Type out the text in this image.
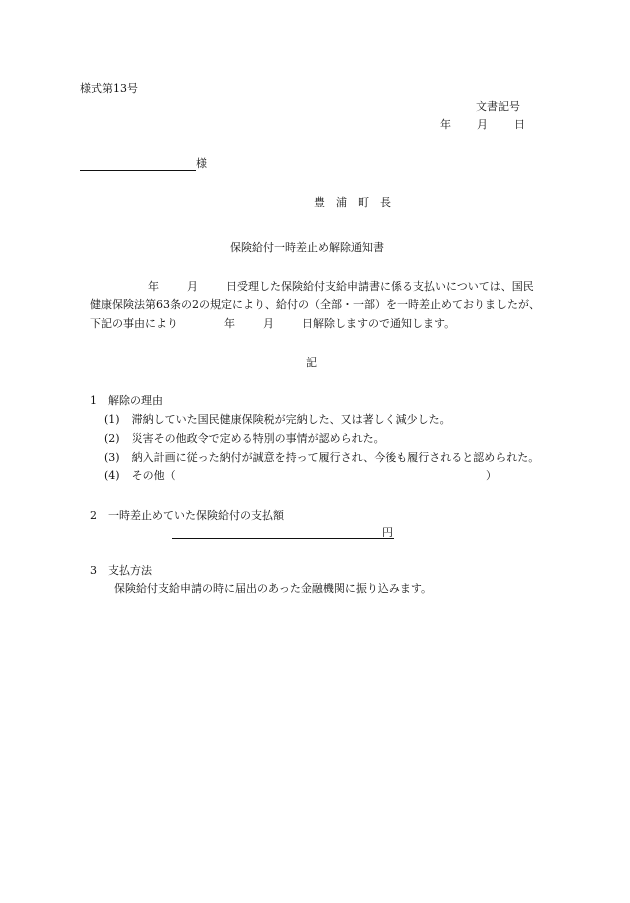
様式第13号
文書記号
年 月 日
様
豊　浦　町　長
保険給付一時差止め解除通知書
年	月	日受理した保険給付支給申請書に係る支払いについては、国民
健康保険法第63条の2の規定により、給付の（全部・一部）を一時差止めておりましたが、
下記の事由により	年	月	日解除しますので通知します。
記
1　解除の理由
(1) 滞納していた国民健康保険税が完納した、又は著しく減少した。
(2) 災害その他政令で定める特別の事情が認められた。
(3) 納入計画に従った納付が誠意を持って履行され、今後も履行されると認められた。
(4) その他（	）
2　一時差止めていた保険給付の支払額
円
3　支払方法
保険給付支給申請の時に届出のあった金融機関に振り込みます。
